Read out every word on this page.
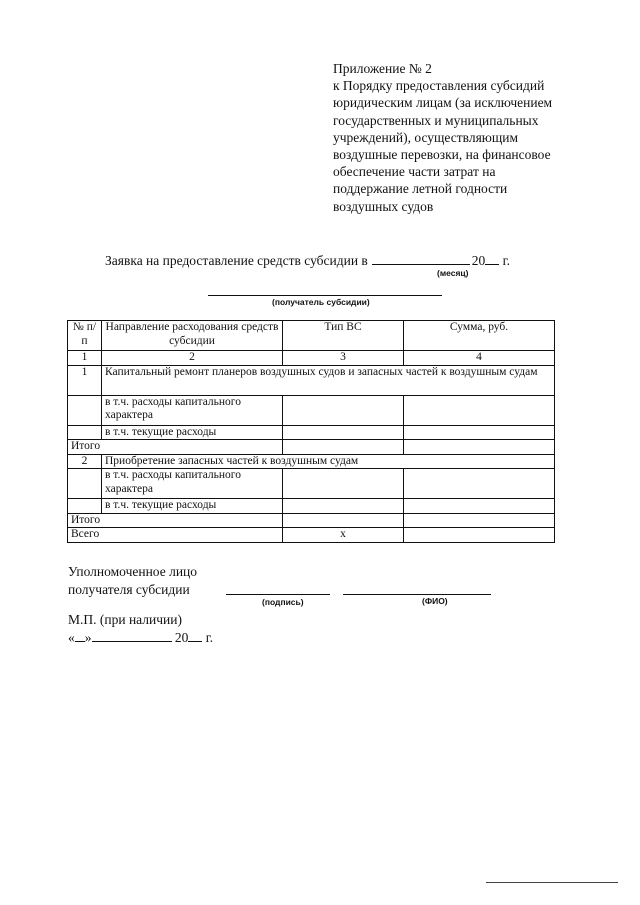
Приложение № 2
к Порядку предоставления субсидий
юридическим лицам (за исключением
государственных и муниципальных
учреждений), осуществляющим
воздушные перевозки, на финансовое
обеспечение части затрат на
поддержание летной годности
воздушных судов
Заявка на предоставление средств субсидии в	20 г.
(месяц)
(получатель субсидии)
№ п/п	Направление расходования средств субсидии	Тип ВС	Сумма, руб.
1	2	3	4
1	Капитальный ремонт планеров воздушных судов и запасных частей к воздушным судам		
	в т.ч. расходы капитального характера		
	в т.ч. текущие расходы		
Итого			
2	Приобретение запасных частей к воздушным судам		
	в т.ч. расходы капитального характера		
	в т.ч. текущие расходы		
Итого			
Всего		x	
Уполномоченное лицо
получателя субсидии
(подпись)	(ФИО)
М.П. (при наличии)
« »	20 г.
